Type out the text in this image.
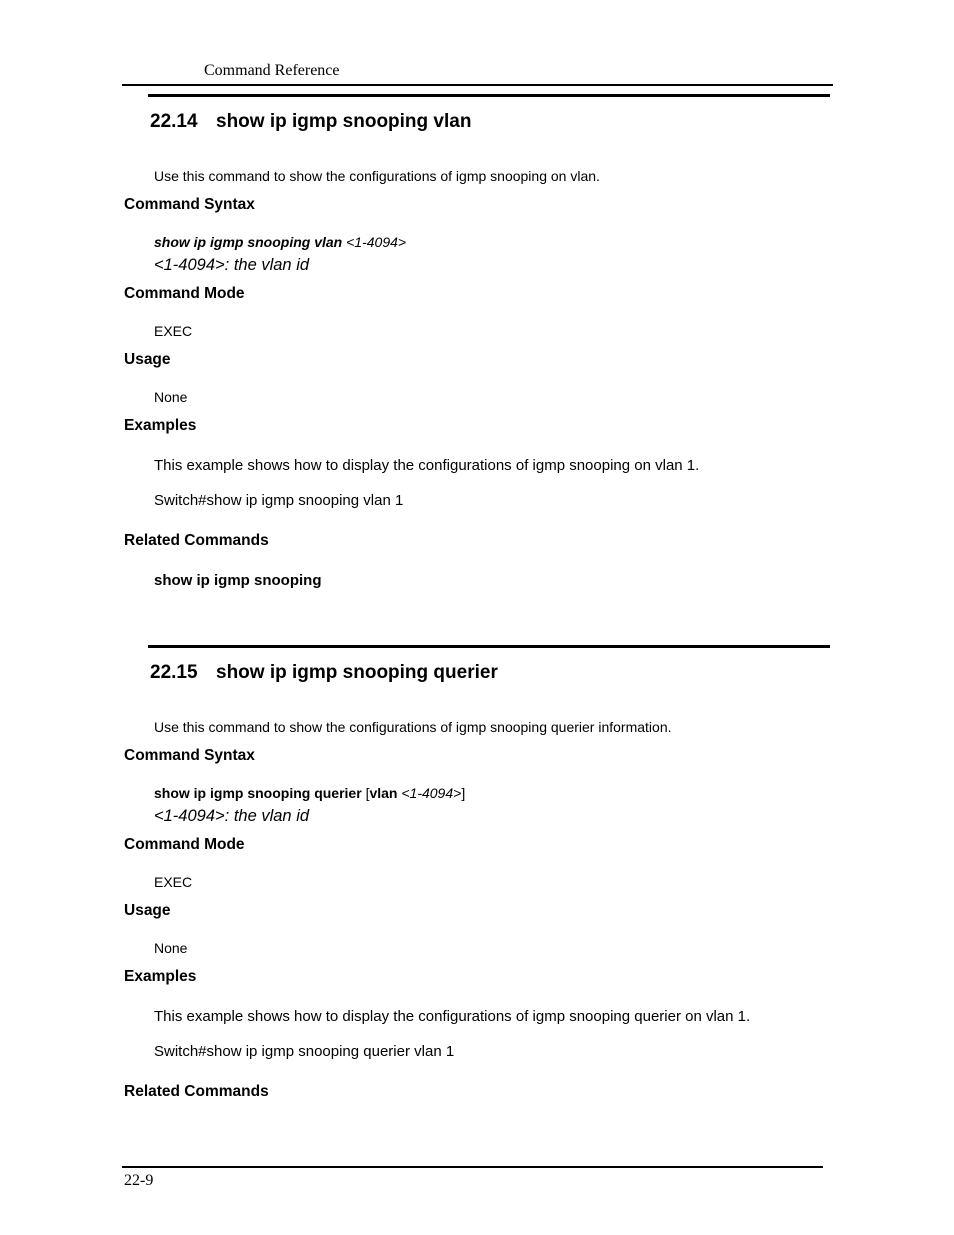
Command Reference
22.14 show ip igmp snooping vlan
Use this command to show the configurations of igmp snooping on vlan.
Command Syntax
show ip igmp snooping vlan <1-4094>
<1-4094>: the vlan id
Command Mode
EXEC
Usage
None
Examples
This example shows how to display the configurations of igmp snooping on vlan 1.
Switch#show ip igmp snooping vlan 1
Related Commands
show ip igmp snooping
22.15 show ip igmp snooping querier
Use this command to show the configurations of igmp snooping querier information.
Command Syntax
show ip igmp snooping querier [vlan <1-4094>]
<1-4094>: the vlan id
Command Mode
EXEC
Usage
None
Examples
This example shows how to display the configurations of igmp snooping querier on vlan 1.
Switch#show ip igmp snooping querier vlan 1
Related Commands
22-9
